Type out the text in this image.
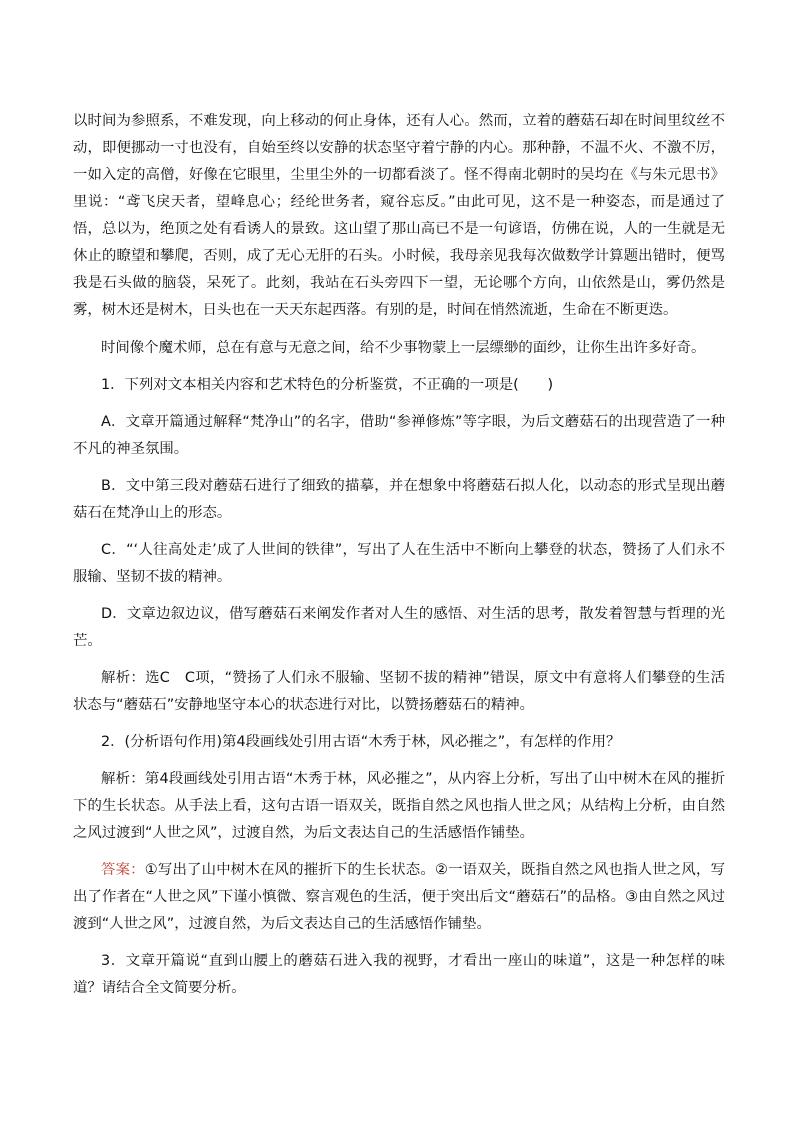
以时间为参照系，不难发现，向上移动的何止身体，还有人心。然而，立着的蘑菇石却在时间里纹丝不动，即便挪动一寸也没有，自始至终以安静的状态坚守着宁静的内心。那种静，不温不火、不激不厉，一如入定的高僧，好像在它眼里，尘里尘外的一切都看淡了。怪不得南北朝时的吴均在《与朱元思书》里说：“鸢飞戾天者，望峰息心；经纶世务者，窥谷忘反。”由此可见，这不是一种姿态，而是通过了悟，总以为，绝顶之处有看诱人的景致。这山望了那山高已不是一句谚语，仿佛在说，人的一生就是无休止的瞭望和攀爬，否则，成了无心无肝的石头。小时候，我母亲见我每次做数学计算题出错时，便骂我是石头做的脑袋，呆死了。此刻，我站在石头旁四下一望，无论哪个方向，山依然是山，雾仍然是雾，树木还是树木，日头也在一天天东起西落。有别的是，时间在悄然流逝，生命在不断更迭。

时间像个魔术师，总在有意与无意之间，给不少事物蒙上一层缥缈的面纱，让你生出许多好奇。

1．下列对文本相关内容和艺术特色的分析鉴赏，不正确的一项是(　　)

A．文章开篇通过解释“梵净山”的名字，借助“参禅修炼”等字眼，为后文蘑菇石的出现营造了一种不凡的神圣氛围。

B．文中第三段对蘑菇石进行了细致的描摹，并在想象中将蘑菇石拟人化，以动态的形式呈现出蘑菇石在梵净山上的形态。

C．“‘人往高处走’成了人世间的铁律”，写出了人在生活中不断向上攀登的状态，赞扬了人们永不服输、坚韧不拔的精神。

D．文章边叙边议，借写蘑菇石来阐发作者对人生的感悟、对生活的思考，散发着智慧与哲理的光芒。

解析：选C　C项，“赞扬了人们永不服输、坚韧不拔的精神”错误，原文中有意将人们攀登的生活状态与“蘑菇石”安静地坚守本心的状态进行对比，以赞扬蘑菇石的精神。

2．(分析语句作用)第4段画线处引用古语“木秀于林，风必摧之”，有怎样的作用？

解析：第4段画线处引用古语“木秀于林，风必摧之”，从内容上分析，写出了山中树木在风的摧折下的生长状态。从手法上看，这句古语一语双关，既指自然之风也指人世之风；从结构上分析，由自然之风过渡到“人世之风”，过渡自然，为后文表达自己的生活感悟作铺垫。

答案：①写出了山中树木在风的摧折下的生长状态。②一语双关，既指自然之风也指人世之风，写出了作者在“人世之风”下谨小慎微、察言观色的生活，便于突出后文“蘑菇石”的品格。③由自然之风过渡到“人世之风”，过渡自然，为后文表达自己的生活感悟作铺垫。

3．文章开篇说“直到山腰上的蘑菇石进入我的视野，才看出一座山的味道”，这是一种怎样的味道？请结合全文简要分析。
